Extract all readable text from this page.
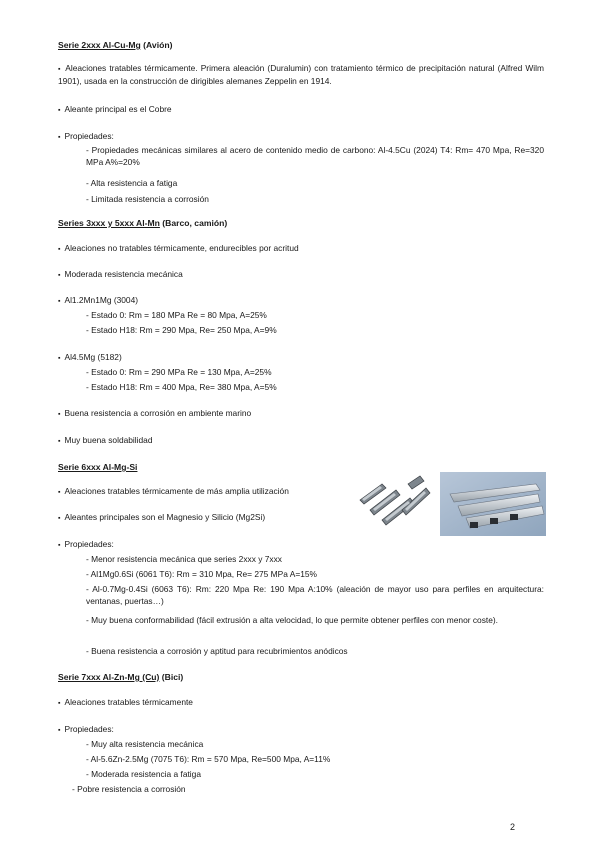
Serie 2xxx Al-Cu-Mg (Avión)
▪ Aleaciones tratables térmicamente. Primera aleación (Duralumin) con tratamiento térmico de precipitación natural (Alfred Wilm 1901), usada en la construcción de dirigibles alemanes Zeppelin en 1914.
▪ Aleante principal es el Cobre
▪ Propiedades:
- Propiedades mecánicas similares al acero de contenido medio de carbono: Al-4.5Cu (2024) T4: Rm= 470 Mpa, Re=320 MPa A%=20%
- Alta resistencia a fatiga
- Limitada resistencia a corrosión
Series 3xxx y 5xxx Al-Mn (Barco, camión)
▪ Aleaciones no tratables térmicamente, endurecibles por acritud
▪ Moderada resistencia mecánica
▪ Al1.2Mn1Mg (3004)
- Estado 0: Rm = 180 MPa Re = 80 Mpa, A=25%
- Estado H18: Rm = 290 Mpa, Re= 250 Mpa, A=9%
▪ Al4.5Mg (5182)
- Estado 0: Rm = 290 MPa Re = 130 Mpa, A=25%
- Estado H18: Rm = 400 Mpa, Re= 380 Mpa, A=5%
▪ Buena resistencia a corrosión en ambiente marino
▪ Muy buena soldabilidad
Serie 6xxx Al-Mg-Si
▪ Aleaciones tratables térmicamente de más amplia utilización
▪ Aleantes principales son el Magnesio y Silicio (Mg2Si)
▪ Propiedades:
- Menor resistencia mecánica que series 2xxx y 7xxx
- Al1Mg0.6Si (6061 T6): Rm = 310 Mpa, Re= 275 MPa A=15%
- Al-0.7Mg-0.4Si (6063 T6): Rm: 220 Mpa Re: 190 Mpa A:10% (aleación de mayor uso para perfiles en arquitectura: ventanas, puertas…)
- Muy buena conformabilidad (fácil extrusión a alta velocidad, lo que permite obtener perfiles con menor coste).
- Buena resistencia a corrosión y aptitud para recubrimientos anódicos
Serie 7xxx Al-Zn-Mg (Cu) (Bici)
▪ Aleaciones tratables térmicamente
▪ Propiedades:
- Muy alta resistencia mecánica
- Al-5.6Zn-2.5Mg (7075 T6): Rm = 570 Mpa, Re=500 Mpa, A=11%
- Moderada resistencia a fatiga
- Pobre resistencia a corrosión
2
